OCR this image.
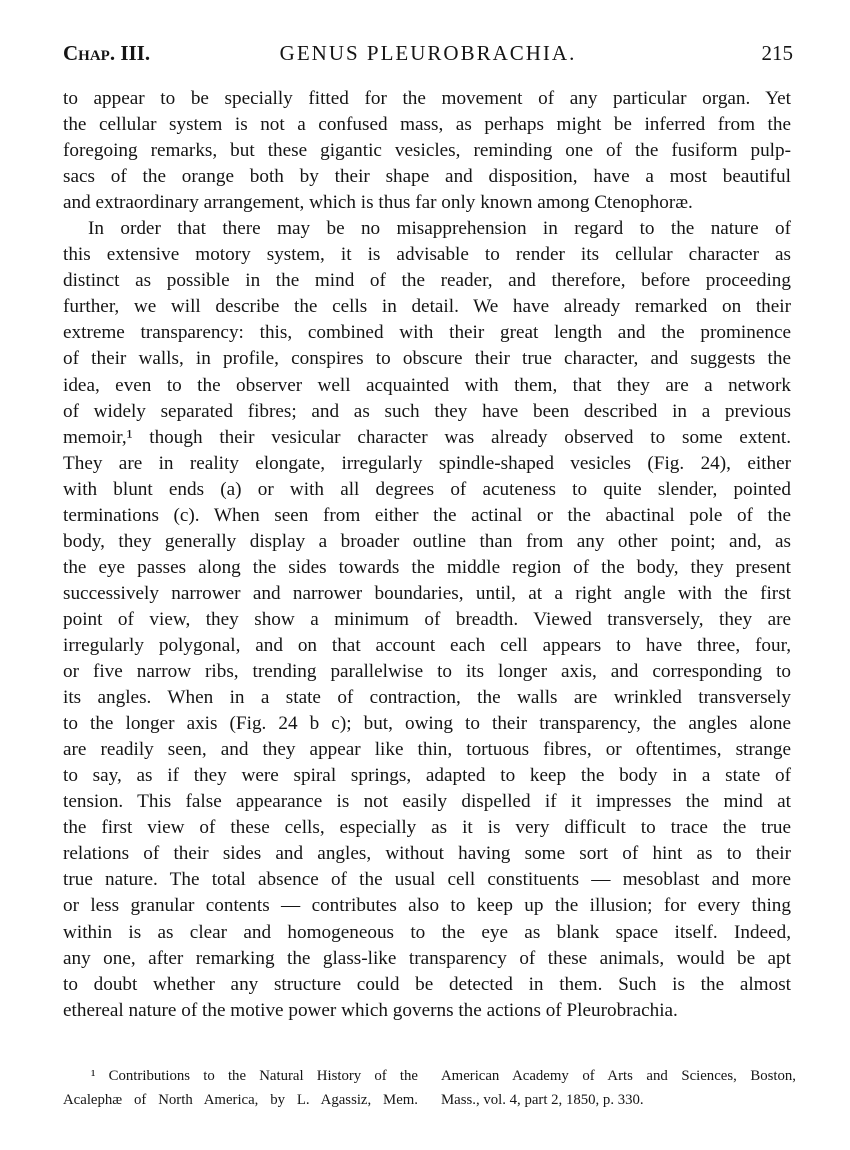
Chap. III.	GENUS PLEUROBRACHIA.	215
to appear to be specially fitted for the movement of any particular organ. Yet
the cellular system is not a confused mass, as perhaps might be inferred from the
foregoing remarks, but these gigantic vesicles, reminding one of the fusiform pulp-
sacs of the orange both by their shape and disposition, have a most beautiful
and extraordinary arrangement, which is thus far only known among Ctenophoræ.
In order that there may be no misapprehension in regard to the nature of
this extensive motory system, it is advisable to render its cellular character as
distinct as possible in the mind of the reader, and therefore, before proceeding
further, we will describe the cells in detail. We have already remarked on their
extreme transparency: this, combined with their great length and the prominence
of their walls, in profile, conspires to obscure their true character, and suggests the
idea, even to the observer well acquainted with them, that they are a network
of widely separated fibres; and as such they have been described in a previous
memoir,¹ though their vesicular character was already observed to some extent.
They are in reality elongate, irregularly spindle-shaped vesicles (Fig. 24), either
with blunt ends (a) or with all degrees of acuteness to quite slender, pointed
terminations (c). When seen from either the actinal or the abactinal pole of the
body, they generally display a broader outline than from any other point; and, as
the eye passes along the sides towards the middle region of the body, they present
successively narrower and narrower boundaries, until, at a right angle with the first
point of view, they show a minimum of breadth. Viewed transversely, they are
irregularly polygonal, and on that account each cell appears to have three, four,
or five narrow ribs, trending parallelwise to its longer axis, and corresponding to
its angles. When in a state of contraction, the walls are wrinkled transversely
to the longer axis (Fig. 24 b c); but, owing to their transparency, the angles alone
are readily seen, and they appear like thin, tortuous fibres, or oftentimes, strange
to say, as if they were spiral springs, adapted to keep the body in a state of
tension. This false appearance is not easily dispelled if it impresses the mind at
the first view of these cells, especially as it is very difficult to trace the true
relations of their sides and angles, without having some sort of hint as to their
true nature. The total absence of the usual cell constituents — mesoblast and more
or less granular contents — contributes also to keep up the illusion; for every thing
within is as clear and homogeneous to the eye as blank space itself. Indeed,
any one, after remarking the glass-like transparency of these animals, would be apt
to doubt whether any structure could be detected in them. Such is the almost
ethereal nature of the motive power which governs the actions of Pleurobrachia.
¹ Contributions to the Natural History of the
Acalephæ of North America, by L. Agassiz, Mem.
American Academy of Arts and Sciences, Boston,
Mass., vol. 4, part 2, 1850, p. 330.
